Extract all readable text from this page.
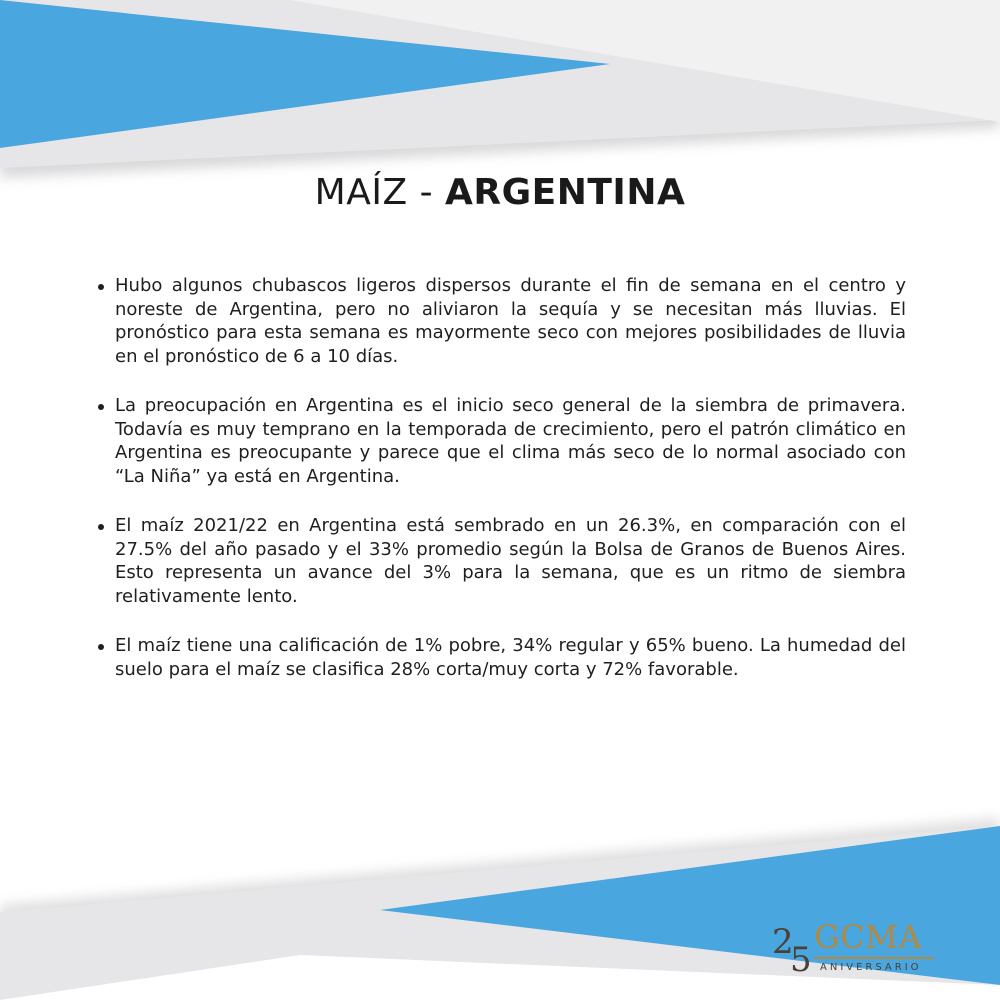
MAÍZ - ARGENTINA
Hubo algunos chubascos ligeros dispersos durante el fin de semana en el centro y noreste de Argentina, pero no aliviaron la sequía y se necesitan más lluvias. El pronóstico para esta semana es mayormente seco con mejores posibilidades de lluvia en el pronóstico de 6 a 10 días.
La preocupación en Argentina es el inicio seco general de la siembra de primavera. Todavía es muy temprano en la temporada de crecimiento, pero el patrón climático en Argentina es preocupante y parece que el clima más seco de lo normal asociado con “La Niña” ya está en Argentina.
El maíz 2021/22 en Argentina está sembrado en un 26.3%, en comparación con el 27.5% del año pasado y el 33% promedio según la Bolsa de Granos de Buenos Aires. Esto representa un avance del 3% para la semana, que es un ritmo de siembra relativamente lento.
El maíz tiene una calificación de 1% pobre, 34% regular y 65% bueno. La humedad del suelo para el maíz se clasifica 28% corta/muy corta y 72% favorable.
2
5
GCMA
ANIVERSARIO
